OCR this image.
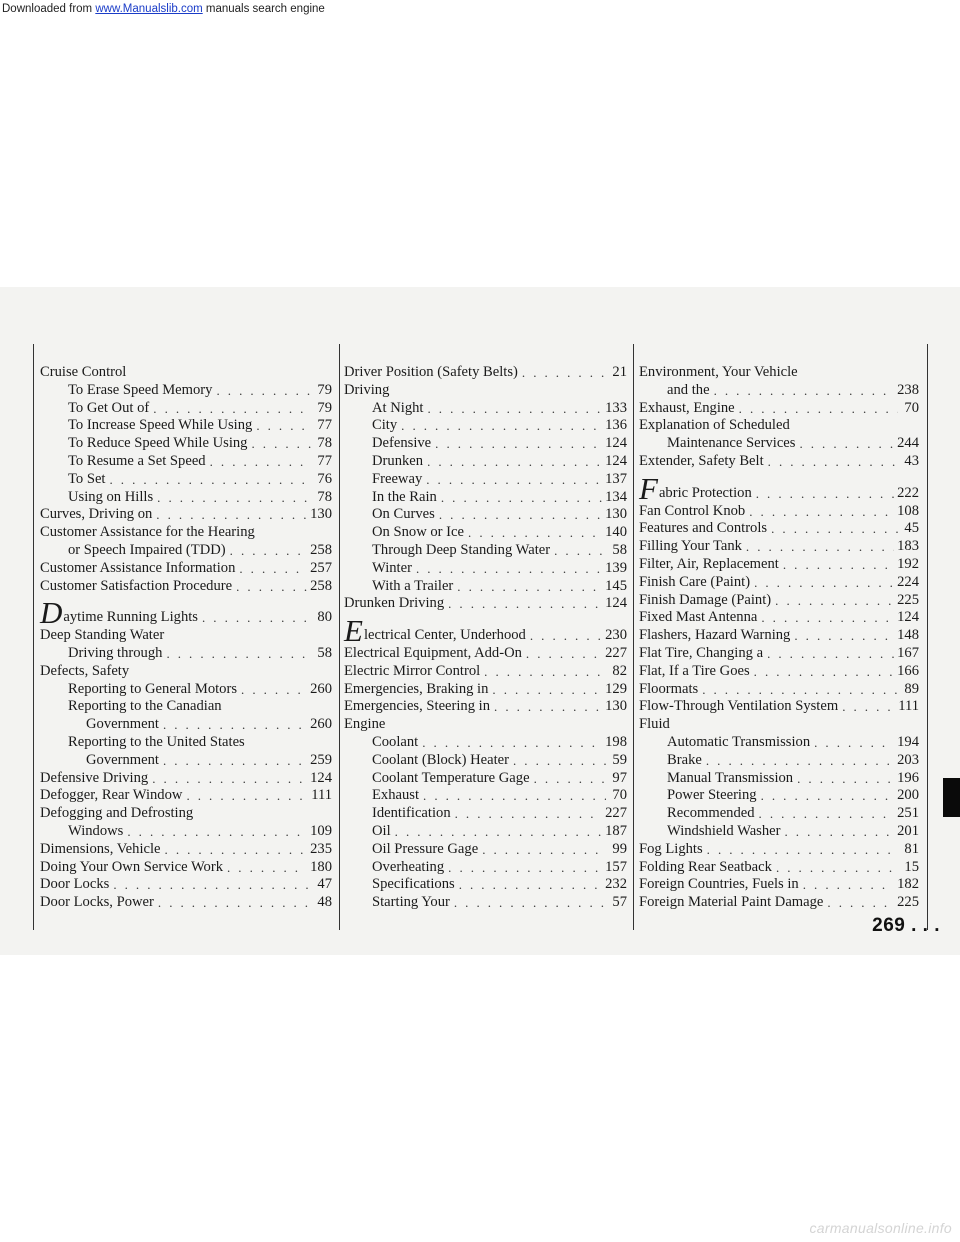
Downloaded from www.Manualslib.com manuals search engine
Cruise Control
To Erase Speed Memory . . .	79
To Get Out of . . .	79
To Increase Speed While Using . . .	77
To Reduce Speed While Using . . .	78
To Resume a Set Speed . . .	77
To Set . . .	76
Using on Hills . . .	78
Curves, Driving on . . .	130
Customer Assistance for the Hearing
or Speech Impaired (TDD) . . .	258
Customer Assistance Information . . .	257
Customer Satisfaction Procedure . . .	258
Daytime Running Lights . . .	80
Deep Standing Water
Driving through . . .	58
Defects, Safety
Reporting to General Motors . . .	260
Reporting to the Canadian
Government . . .	260
Reporting to the United States
Government . . .	259
Defensive Driving . . .	124
Defogger, Rear Window . . .	111
Defogging and Defrosting
Windows . . .	109
Dimensions, Vehicle . . .	235
Doing Your Own Service Work . . .	180
Door Locks . . .	47
Door Locks, Power . . .	48
Driver Position (Safety Belts) . . .	21
Driving
At Night . . .	133
City . . .	136
Defensive . . .	124
Drunken . . .	124
Freeway . . .	137
In the Rain . . .	134
On Curves . . .	130
On Snow or Ice . . .	140
Through Deep Standing Water . . .	58
Winter . . .	139
With a Trailer . . .	145
Drunken Driving . . .	124
Electrical Center, Underhood . . .	230
Electrical Equipment, Add-On . . .	227
Electric Mirror Control . . .	82
Emergencies, Braking in . . .	129
Emergencies, Steering in . . .	130
Engine
Coolant . . .	198
Coolant (Block) Heater . . .	59
Coolant Temperature Gage . . .	97
Exhaust . . .	70
Identification . . .	227
Oil . . .	187
Oil Pressure Gage . . .	99
Overheating . . .	157
Specifications . . .	232
Starting Your . . .	57
Environment, Your Vehicle
and the . . .	238
Exhaust, Engine . . .	70
Explanation of Scheduled
Maintenance Services . . .	244
Extender, Safety Belt . . .	43
Fabric Protection . . .	222
Fan Control Knob . . .	108
Features and Controls . . .	45
Filling Your Tank . . .	183
Filter, Air, Replacement . . .	192
Finish Care (Paint) . . .	224
Finish Damage (Paint) . . .	225
Fixed Mast Antenna . . .	124
Flashers, Hazard Warning . . .	148
Flat Tire, Changing a . . .	167
Flat, If a Tire Goes . . .	166
Floormats . . .	89
Flow-Through Ventilation System . . .	111
Fluid
Automatic Transmission . . .	194
Brake . . .	203
Manual Transmission . . .	196
Power Steering . . .	200
Recommended . . .	251
Windshield Washer . . .	201
Fog Lights . . .	81
Folding Rear Seatback . . .	15
Foreign Countries, Fuels in . . .	182
Foreign Material Paint Damage . . .	225
269 . . .
carmanualsonline.info
